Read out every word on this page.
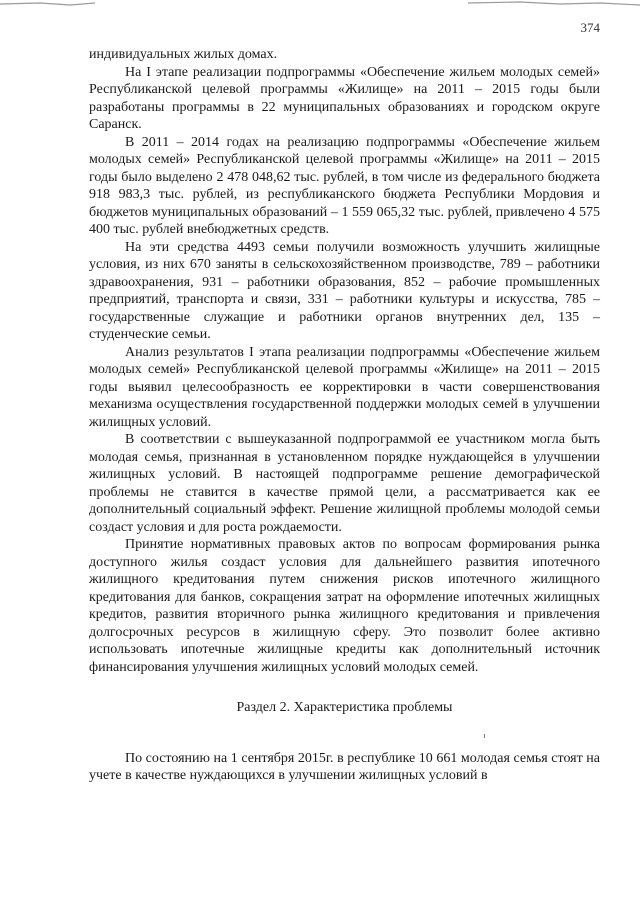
374

индивидуальных жилых домах.

На I этапе реализации подпрограммы «Обеспечение жильем молодых семей» Республиканской целевой программы «Жилище» на 2011 – 2015 годы были разработаны программы в 22 муниципальных образованиях и городском округе Саранск.

В 2011 – 2014 годах на реализацию подпрограммы «Обеспечение жильем молодых семей» Республиканской целевой программы «Жилище» на 2011 – 2015 годы было выделено 2 478 048,62 тыс. рублей, в том числе из федерального бюджета 918 983,3 тыс. рублей, из республиканского бюджета Республики Мордовия и бюджетов муниципальных образований – 1 559 065,32 тыс. рублей, привлечено 4 575 400 тыс. рублей внебюджетных средств.

На эти средства 4493 семьи получили возможность улучшить жилищные условия, из них 670 заняты в сельскохозяйственном производстве, 789 – работники здравоохранения, 931 – работники образования, 852 – рабочие промышленных предприятий, транспорта и связи, 331 – работники культуры и искусства, 785 – государственные служащие и работники органов внутренних дел, 135 – студенческие семьи.

Анализ результатов I этапа реализации подпрограммы «Обеспечение жильем молодых семей» Республиканской целевой программы «Жилище» на 2011 – 2015 годы выявил целесообразность ее корректировки в части совершенствования механизма осуществления государственной поддержки молодых семей в улучшении жилищных условий.

В соответствии с вышеуказанной подпрограммой ее участником могла быть молодая семья, признанная в установленном порядке нуждающейся в улучшении жилищных условий. В настоящей подпрограмме решение демографической проблемы не ставится в качестве прямой цели, а рассматривается как ее дополнительный социальный эффект. Решение жилищной проблемы молодой семьи создаст условия и для роста рождаемости.

Принятие нормативных правовых актов по вопросам формирования рынка доступного жилья создаст условия для дальнейшего развития ипотечного жилищного кредитования путем снижения рисков ипотечного жилищного кредитования для банков, сокращения затрат на оформление ипотечных жилищных кредитов, развития вторичного рынка жилищного кредитования и привлечения долгосрочных ресурсов в жилищную сферу. Это позволит более активно использовать ипотечные жилищные кредиты как дополнительный источник финансирования улучшения жилищных условий молодых семей.

Раздел 2. Характеристика проблемы

По состоянию на 1 сентября 2015г. в республике 10 661 молодая семья стоят на учете в качестве нуждающихся в улучшении жилищных условий в
